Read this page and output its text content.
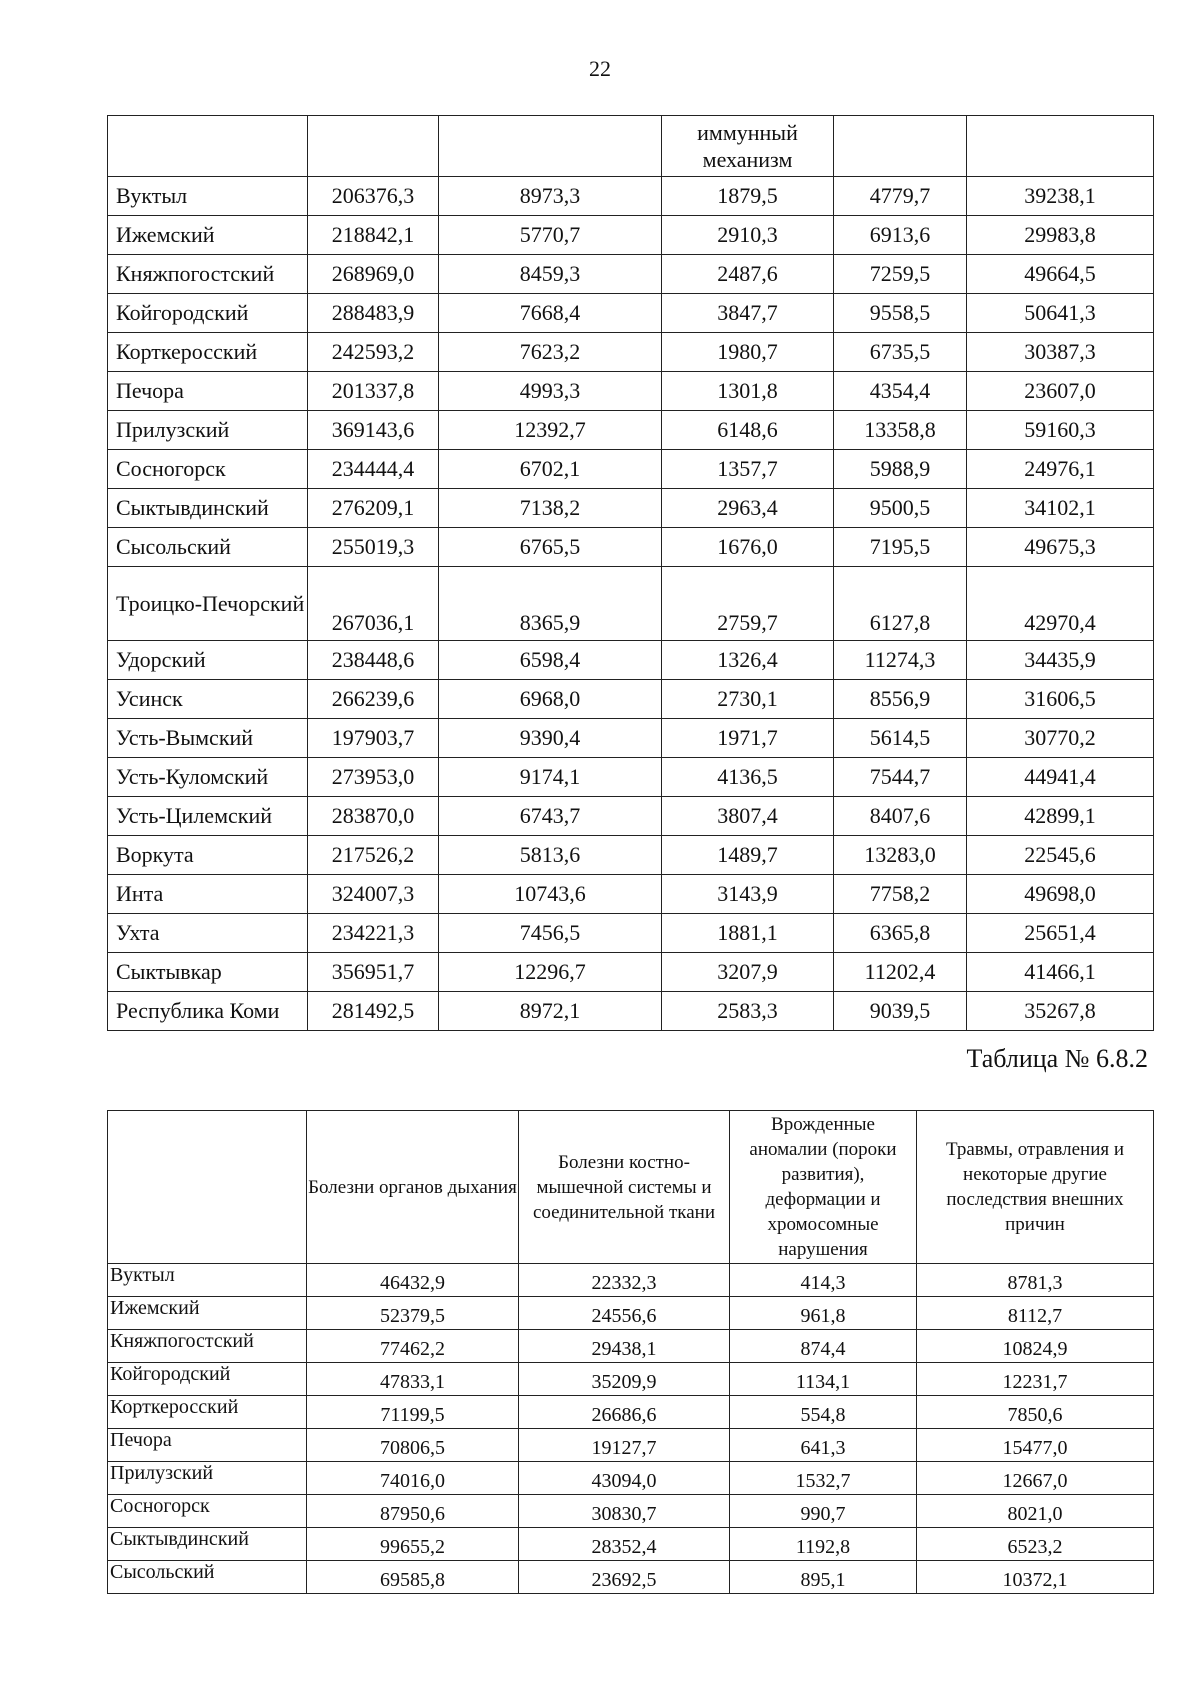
22
			иммунный механизм		
Вуктыл	206376,3	8973,3	1879,5	4779,7	39238,1
Ижемский	218842,1	5770,7	2910,3	6913,6	29983,8
Княжпогостский	268969,0	8459,3	2487,6	7259,5	49664,5
Койгородский	288483,9	7668,4	3847,7	9558,5	50641,3
Корткеросский	242593,2	7623,2	1980,7	6735,5	30387,3
Печора	201337,8	4993,3	1301,8	4354,4	23607,0
Прилузский	369143,6	12392,7	6148,6	13358,8	59160,3
Сосногорск	234444,4	6702,1	1357,7	5988,9	24976,1
Сыктывдинский	276209,1	7138,2	2963,4	9500,5	34102,1
Сысольский	255019,3	6765,5	1676,0	7195,5	49675,3
Троицко-Печорский	267036,1	8365,9	2759,7	6127,8	42970,4
Удорский	238448,6	6598,4	1326,4	11274,3	34435,9
Усинск	266239,6	6968,0	2730,1	8556,9	31606,5
Усть-Вымский	197903,7	9390,4	1971,7	5614,5	30770,2
Усть-Куломский	273953,0	9174,1	4136,5	7544,7	44941,4
Усть-Цилемский	283870,0	6743,7	3807,4	8407,6	42899,1
Воркута	217526,2	5813,6	1489,7	13283,0	22545,6
Инта	324007,3	10743,6	3143,9	7758,2	49698,0
Ухта	234221,3	7456,5	1881,1	6365,8	25651,4
Сыктывкар	356951,7	12296,7	3207,9	11202,4	41466,1
Республика Коми	281492,5	8972,1	2583,3	9039,5	35267,8
Таблица № 6.8.2
	Болезни органов дыхания	Болезни костно-мышечной системы и соединительной ткани	Врожденные аномалии (пороки развития), деформации и хромосомные нарушения	Травмы, отравления и некоторые другие последствия внешних причин
Вуктыл	46432,9	22332,3	414,3	8781,3
Ижемский	52379,5	24556,6	961,8	8112,7
Княжпогостский	77462,2	29438,1	874,4	10824,9
Койгородский	47833,1	35209,9	1134,1	12231,7
Корткеросский	71199,5	26686,6	554,8	7850,6
Печора	70806,5	19127,7	641,3	15477,0
Прилузский	74016,0	43094,0	1532,7	12667,0
Сосногорск	87950,6	30830,7	990,7	8021,0
Сыктывдинский	99655,2	28352,4	1192,8	6523,2
Сысольский	69585,8	23692,5	895,1	10372,1
